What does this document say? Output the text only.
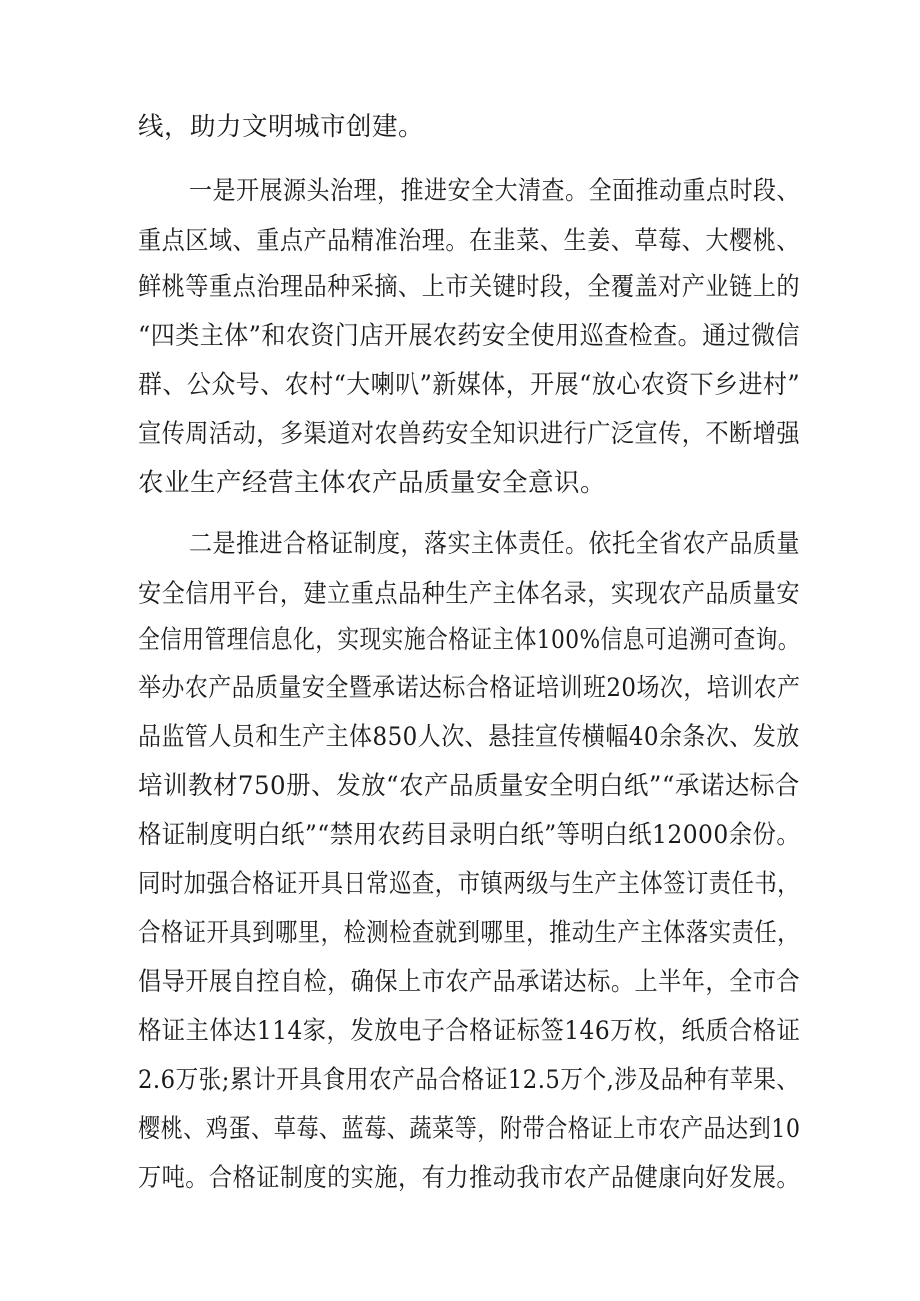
线，助力文明城市创建。
一是开展源头治理，推进安全大清查。全面推动重点时段、
重点区域、重点产品精准治理。在韭菜、生姜、草莓、大樱桃、
鲜桃等重点治理品种采摘、上市关键时段，全覆盖对产业链上的
“四类主体”和农资门店开展农药安全使用巡查检查。通过微信
群、公众号、农村“大喇叭”新媒体，开展“放心农资下乡进村”
宣传周活动，多渠道对农兽药安全知识进行广泛宣传，不断增强
农业生产经营主体农产品质量安全意识。
二是推进合格证制度，落实主体责任。依托全省农产品质量
安全信用平台，建立重点品种生产主体名录，实现农产品质量安
全信用管理信息化，实现实施合格证主体100%信息可追溯可查询。
举办农产品质量安全暨承诺达标合格证培训班20场次，培训农产
品监管人员和生产主体850人次、悬挂宣传横幅40余条次、发放
培训教材750册、发放“农产品质量安全明白纸”“承诺达标合
格证制度明白纸”“禁用农药目录明白纸”等明白纸12000余份。
同时加强合格证开具日常巡查，市镇两级与生产主体签订责任书，
合格证开具到哪里，检测检查就到哪里，推动生产主体落实责任，
倡导开展自控自检，确保上市农产品承诺达标。上半年，全市合
格证主体达114家，发放电子合格证标签146万枚，纸质合格证
2.6万张;累计开具食用农产品合格证12.5万个,涉及品种有苹果、
樱桃、鸡蛋、草莓、蓝莓、蔬菜等，附带合格证上市农产品达到10
万吨。合格证制度的实施，有力推动我市农产品健康向好发展。
